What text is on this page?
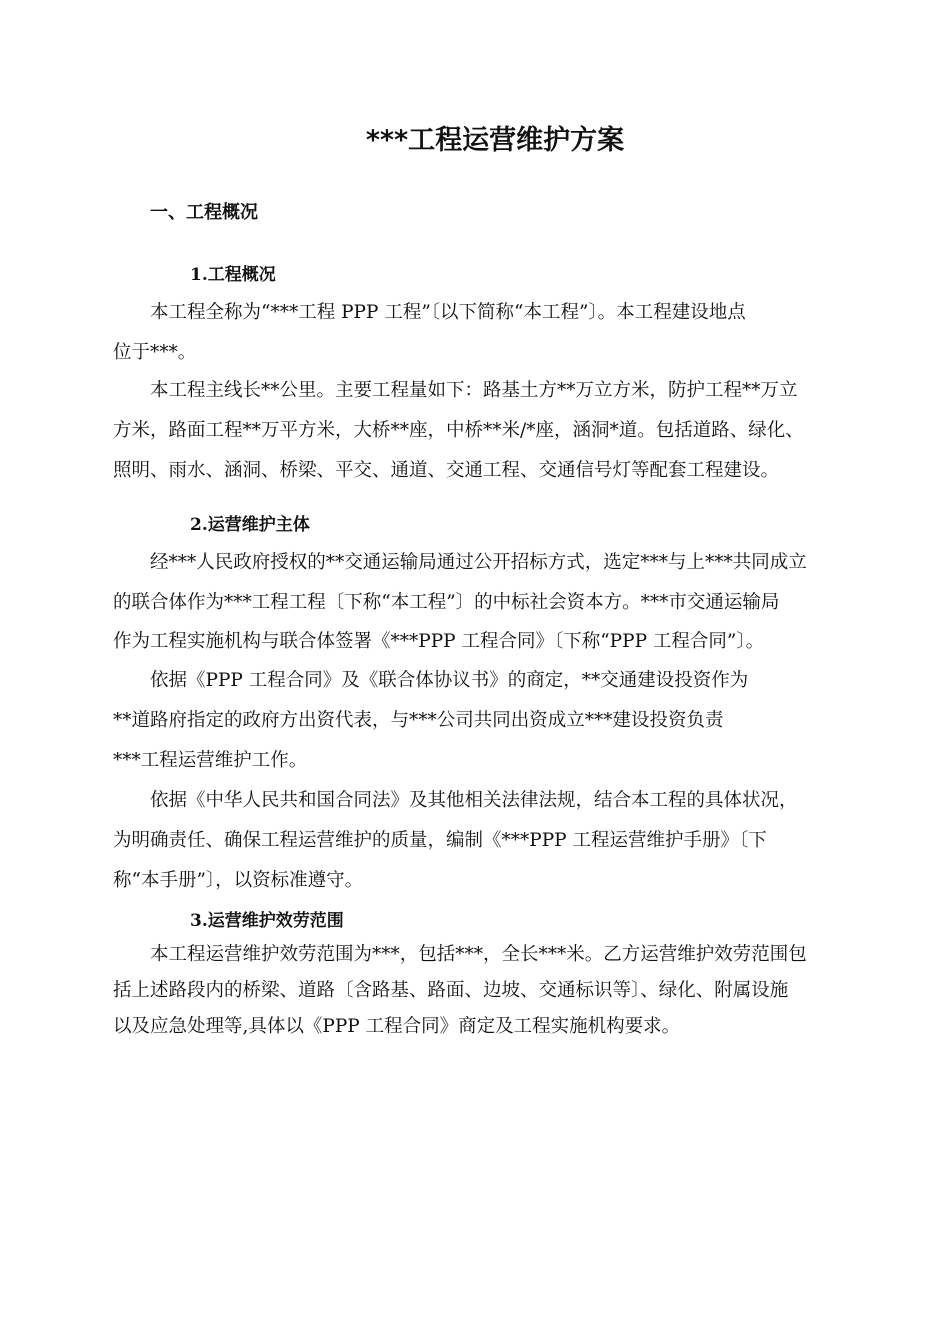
***工程运营维护方案
一、工程概况
1.工程概况

本工程全称为“***工程 PPP 工程”〔以下简称“本工程”〕。本工程建设地点

位于***。

本工程主线长**公里。主要工程量如下：路基土方**万立方米，防护工程**万立

方米，路面工程**万平方米，大桥**座，中桥**米/*座，涵洞*道。包括道路、绿化、

照明、雨水、涵洞、桥梁、平交、通道、交通工程、交通信号灯等配套工程建设。

2.运营维护主体

经***人民政府授权的**交通运输局通过公开招标方式，选定***与上***共同成立

的联合体作为***工程工程〔下称“本工程”〕的中标社会资本方。***市交通运输局

作为工程实施机构与联合体签署《***PPP 工程合同》〔下称“PPP 工程合同”〕。

依据《PPP 工程合同》及《联合体协议书》的商定，**交通建设投资作为

**道路府指定的政府方出资代表，与***公司共同出资成立***建设投资负责

***工程运营维护工作。

依据《中华人民共和国合同法》及其他相关法律法规，结合本工程的具体状况，

为明确责任、确保工程运营维护的质量，编制《***PPP 工程运营维护手册》〔下

称“本手册”〕，以资标准遵守。

3.运营维护效劳范围

本工程运营维护效劳范围为***，包括***，全长***米。乙方运营维护效劳范围包

括上述路段内的桥梁、道路〔含路基、路面、边坡、交通标识等〕、绿化、附属设施

以及应急处理等,具体以《PPP 工程合同》商定及工程实施机构要求。
